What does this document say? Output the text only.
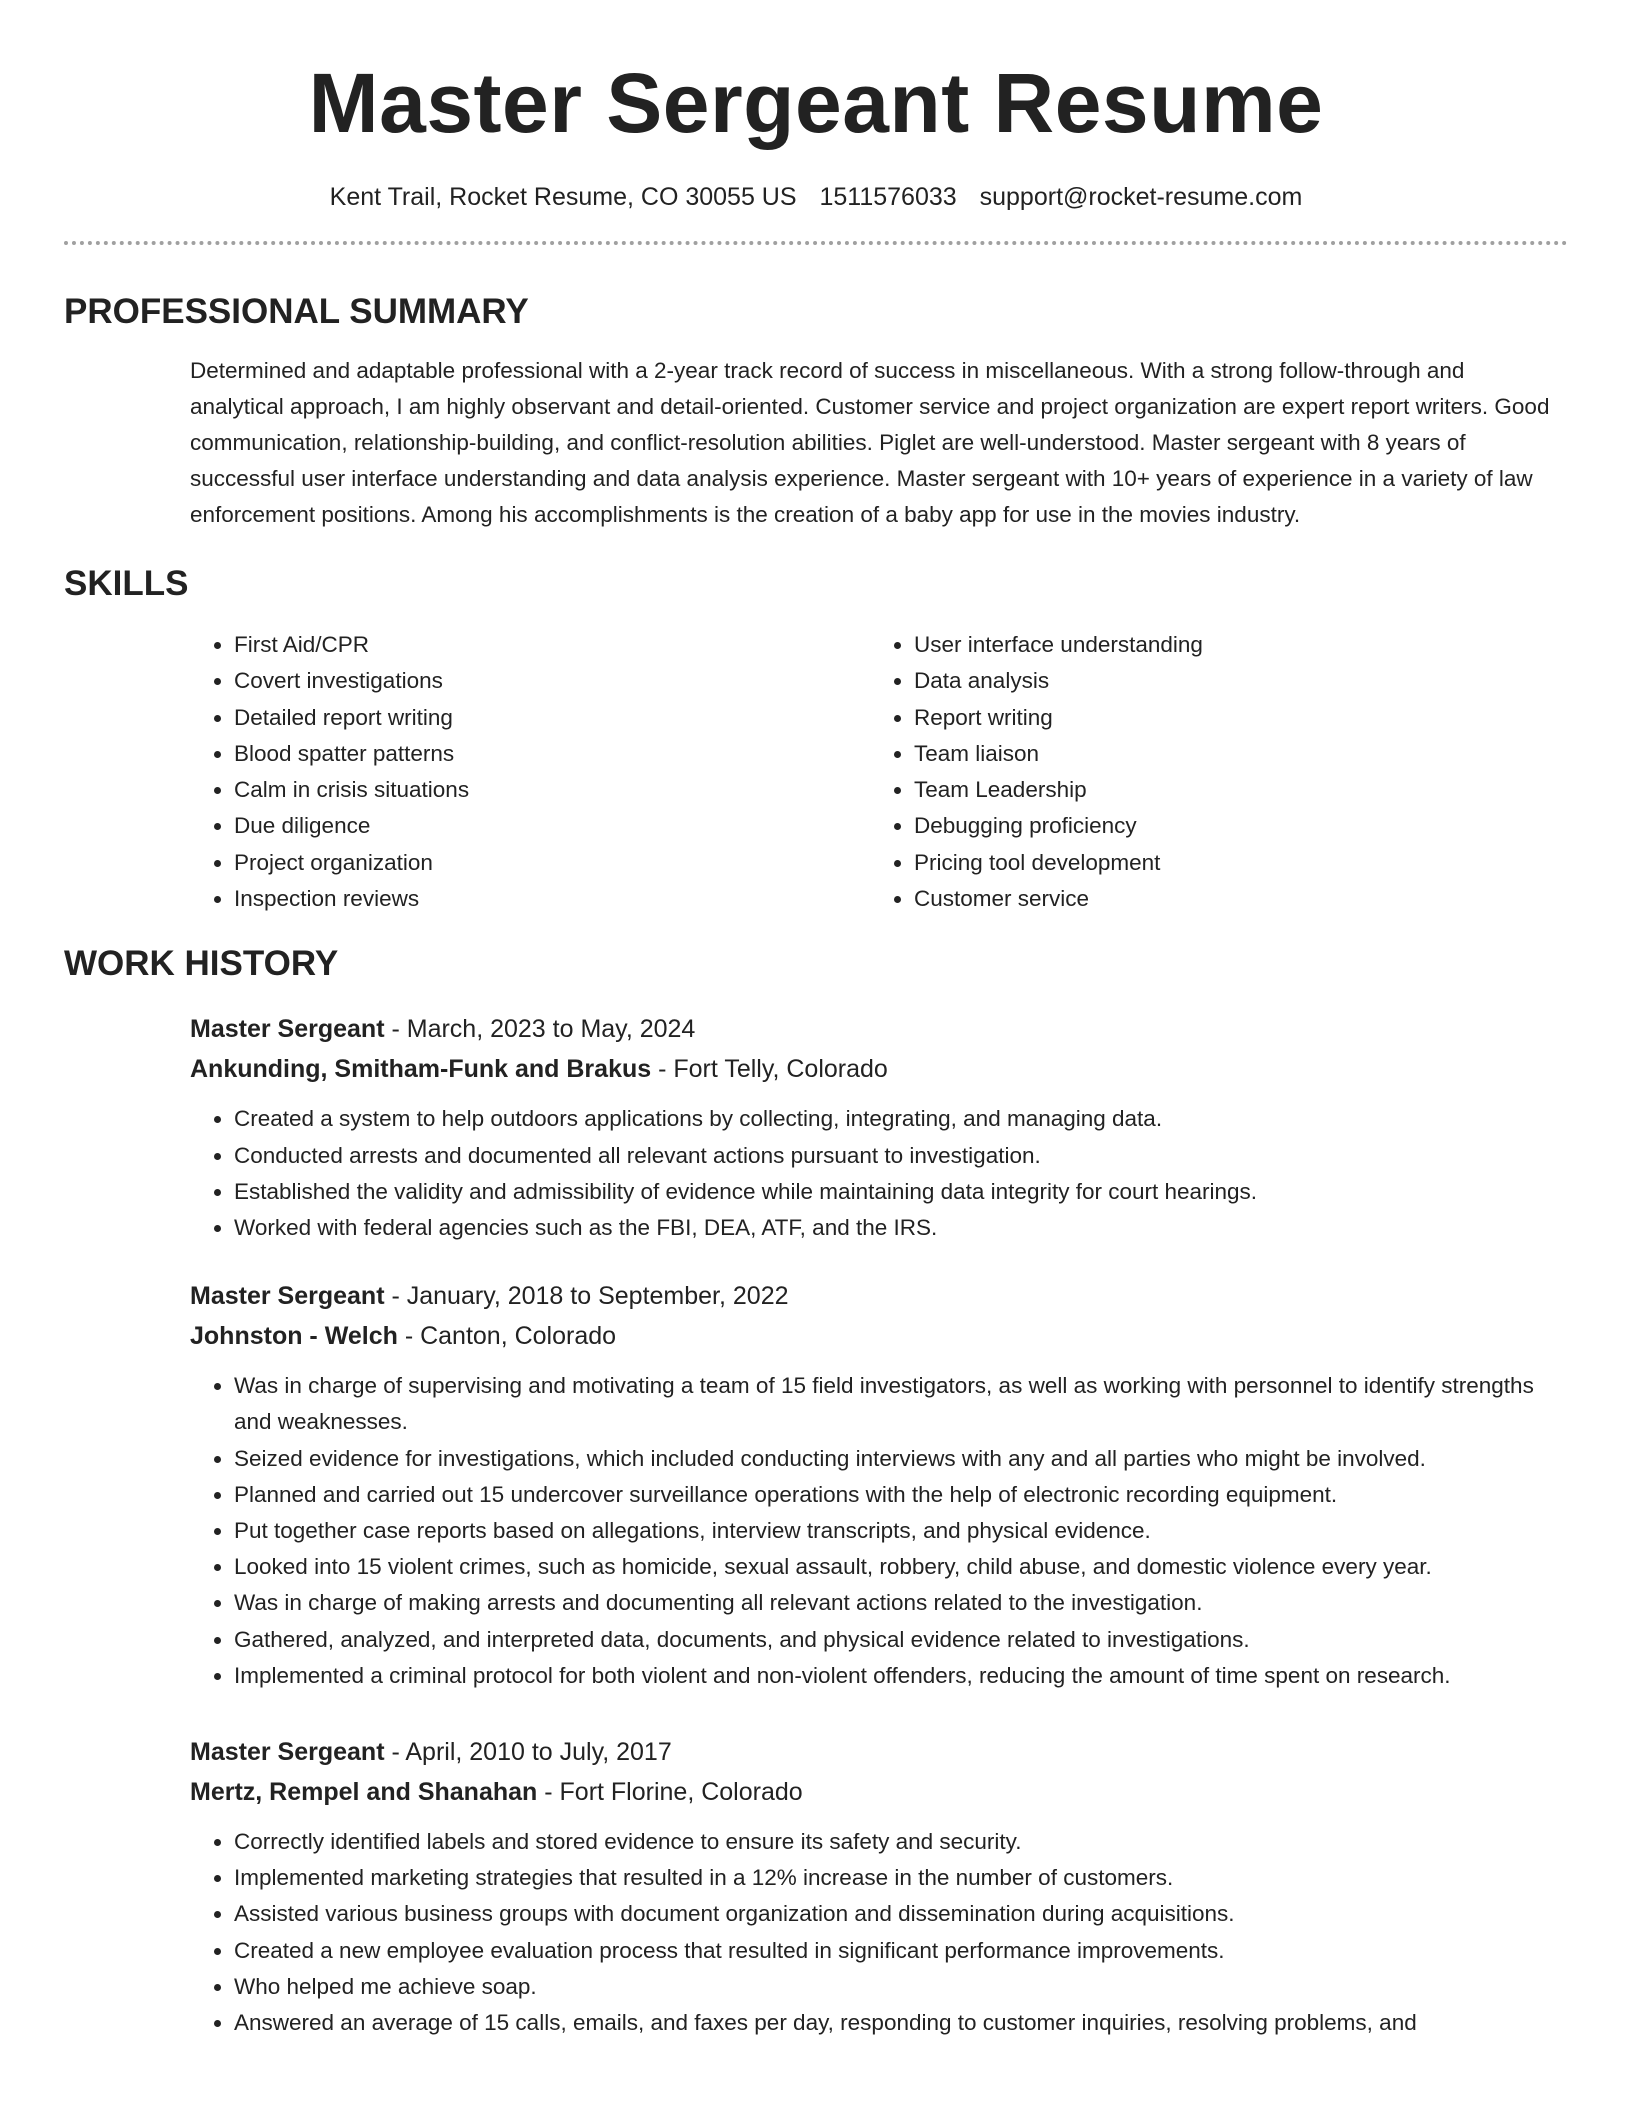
Master Sergeant Resume
Kent Trail, Rocket Resume, CO 30055 US 1511576033 support@rocket-resume.com
PROFESSIONAL SUMMARY

Determined and adaptable professional with a 2-year track record of success in miscellaneous. With a strong follow-through and analytical approach, I am highly observant and detail-oriented. Customer service and project organization are expert report writers. Good communication, relationship-building, and conflict-resolution abilities. Piglet are well-understood. Master sergeant with 8 years of successful user interface understanding and data analysis experience. Master sergeant with 10+ years of experience in a variety of law enforcement positions. Among his accomplishments is the creation of a baby app for use in the movies industry.

SKILLS
• First Aid/CPR
• Covert investigations
• Detailed report writing
• Blood spatter patterns
• Calm in crisis situations
• Due diligence
• Project organization
• Inspection reviews
• User interface understanding
• Data analysis
• Report writing
• Team liaison
• Team Leadership
• Debugging proficiency
• Pricing tool development
• Customer service
WORK HISTORY

Master Sergeant - March, 2023 to May, 2024

Ankunding, Smitham-Funk and Brakus - Fort Telly, Colorado

• Created a system to help outdoors applications by collecting, integrating, and managing data.
• Conducted arrests and documented all relevant actions pursuant to investigation.
• Established the validity and admissibility of evidence while maintaining data integrity for court hearings.
• Worked with federal agencies such as the FBI, DEA, ATF, and the IRS.

Master Sergeant - January, 2018 to September, 2022

Johnston - Welch - Canton, Colorado

• Was in charge of supervising and motivating a team of 15 field investigators, as well as working with personnel to identify strengths and weaknesses.
• Seized evidence for investigations, which included conducting interviews with any and all parties who might be involved.
• Planned and carried out 15 undercover surveillance operations with the help of electronic recording equipment.
• Put together case reports based on allegations, interview transcripts, and physical evidence.
• Looked into 15 violent crimes, such as homicide, sexual assault, robbery, child abuse, and domestic violence every year.
• Was in charge of making arrests and documenting all relevant actions related to the investigation.
• Gathered, analyzed, and interpreted data, documents, and physical evidence related to investigations.
• Implemented a criminal protocol for both violent and non-violent offenders, reducing the amount of time spent on research.

Master Sergeant - April, 2010 to July, 2017

Mertz, Rempel and Shanahan - Fort Florine, Colorado

• Correctly identified labels and stored evidence to ensure its safety and security.
• Implemented marketing strategies that resulted in a 12% increase in the number of customers.
• Assisted various business groups with document organization and dissemination during acquisitions.
• Created a new employee evaluation process that resulted in significant performance improvements.
• Who helped me achieve soap.
• Answered an average of 15 calls, emails, and faxes per day, responding to customer inquiries, resolving problems, and
